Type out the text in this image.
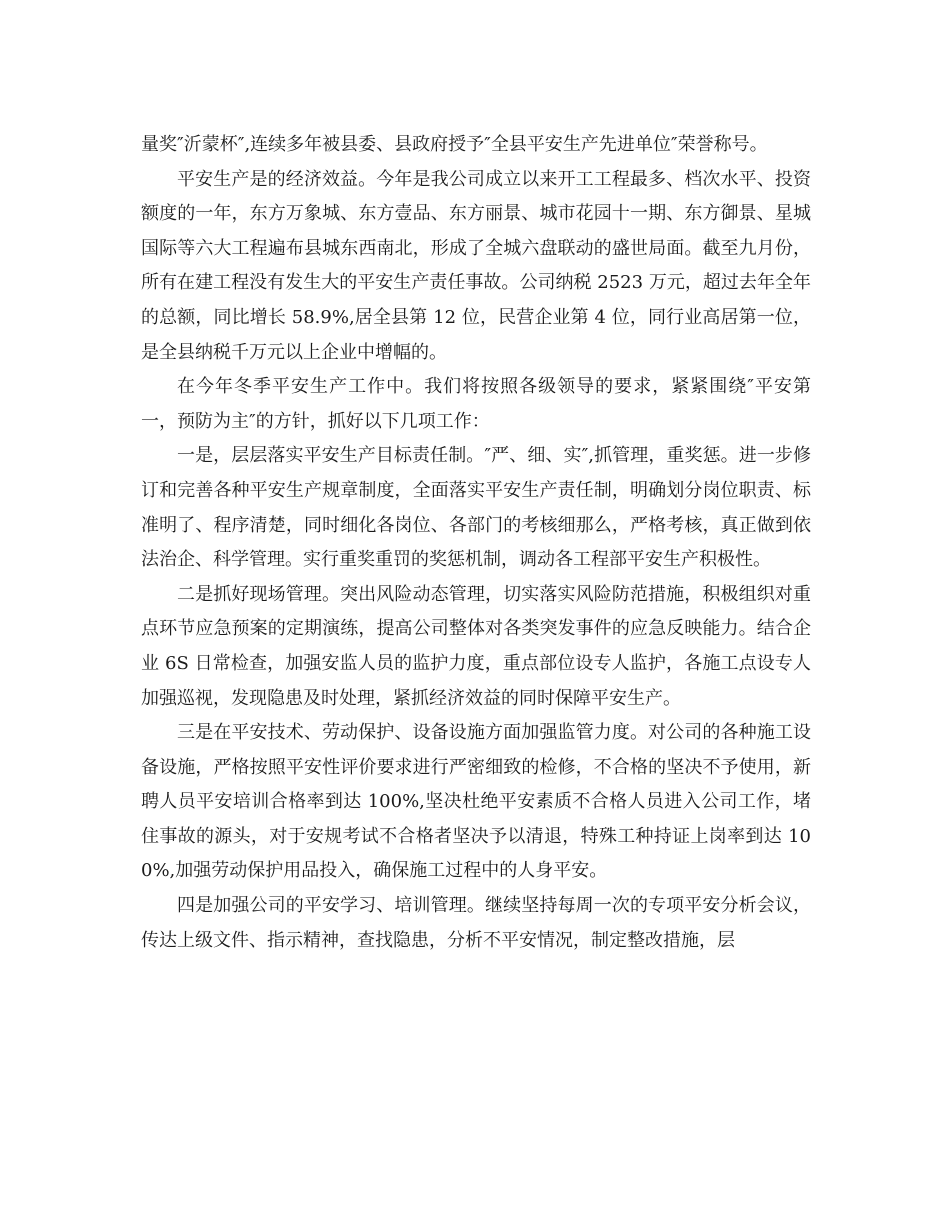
量奖″沂蒙杯″,连续多年被县委、县政府授予″全县平安生产先进单位″荣誉称号。

平安生产是的经济效益。今年是我公司成立以来开工工程最多、档次水平、投资额度的一年，东方万象城、东方壹品、东方丽景、城市花园十一期、东方御景、星城国际等六大工程遍布县城东西南北，形成了全城六盘联动的盛世局面。截至九月份，所有在建工程没有发生大的平安生产责任事故。公司纳税 2523 万元，超过去年全年的总额，同比增长 58.9%,居全县第 12 位，民营企业第 4 位，同行业高居第一位，是全县纳税千万元以上企业中增幅的。

在今年冬季平安生产工作中。我们将按照各级领导的要求，紧紧围绕″平安第一，预防为主″的方针，抓好以下几项工作：

一是，层层落实平安生产目标责任制。″严、细、实″,抓管理，重奖惩。进一步修订和完善各种平安生产规章制度，全面落实平安生产责任制，明确划分岗位职责、标准明了、程序清楚，同时细化各岗位、各部门的考核细那么，严格考核，真正做到依法治企、科学管理。实行重奖重罚的奖惩机制，调动各工程部平安生产积极性。

二是抓好现场管理。突出风险动态管理，切实落实风险防范措施，积极组织对重点环节应急预案的定期演练，提高公司整体对各类突发事件的应急反映能力。结合企业 6S 日常检查，加强安监人员的监护力度，重点部位设专人监护，各施工点设专人加强巡视，发现隐患及时处理，紧抓经济效益的同时保障平安生产。

三是在平安技术、劳动保护、设备设施方面加强监管力度。对公司的各种施工设备设施，严格按照平安性评价要求进行严密细致的检修，不合格的坚决不予使用，新聘人员平安培训合格率到达 100%,坚决杜绝平安素质不合格人员进入公司工作，堵住事故的源头，对于安规考试不合格者坚决予以清退，特殊工种持证上岗率到达 100%,加强劳动保护用品投入，确保施工过程中的人身平安。

四是加强公司的平安学习、培训管理。继续坚持每周一次的专项平安分析会议，传达上级文件、指示精神，查找隐患，分析不平安情况，制定整改措施，层
